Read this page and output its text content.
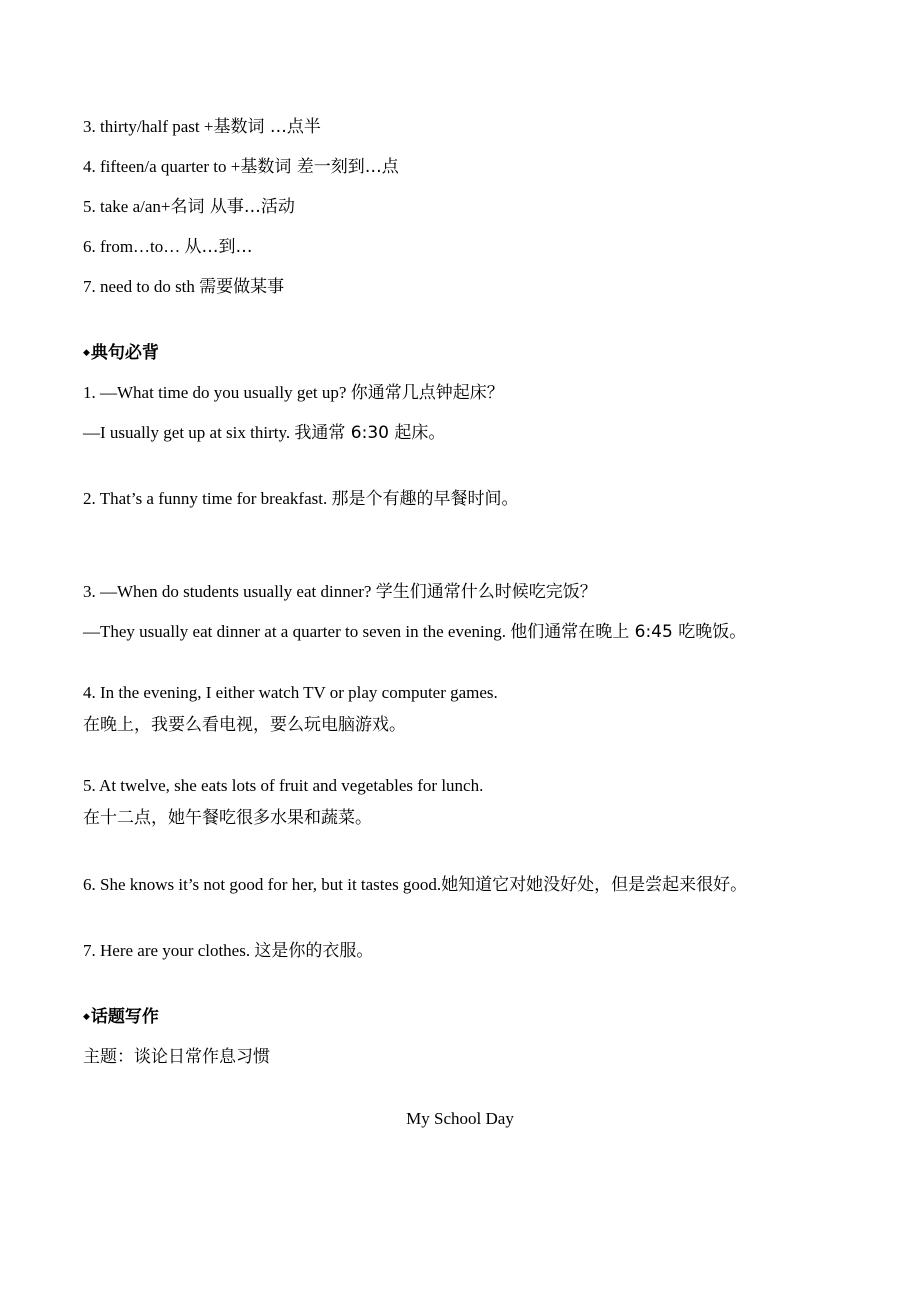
3. thirty/half past +基数词 …点半
4. fifteen/a quarter to +基数词 差一刻到…点
5. take a/an+名词 从事…活动
6. from…to… 从…到…
7. need to do sth 需要做某事
◆典句必背
1. —What time do you usually get up? 你通常几点钟起床？
—I usually get up at six thirty. 我通常 6:30 起床。
2. That’s a funny time for breakfast. 那是个有趣的早餐时间。
3. —When do students usually eat dinner? 学生们通常什么时候吃完饭？
—They usually eat dinner at a quarter to seven in the evening. 他们通常在晚上 6:45 吃晚饭。
4. In the evening, I either watch TV or play computer games.
在晚上，我要么看电视，要么玩电脑游戏。
5. At twelve, she eats lots of fruit and vegetables for lunch.
在十二点，她午餐吃很多水果和蔬菜。
6. She knows it’s not good for her, but it tastes good.她知道它对她没好处，但是尝起来很好。
7. Here are your clothes. 这是你的衣服。
◆话题写作
主题：谈论日常作息习惯
My School Day
